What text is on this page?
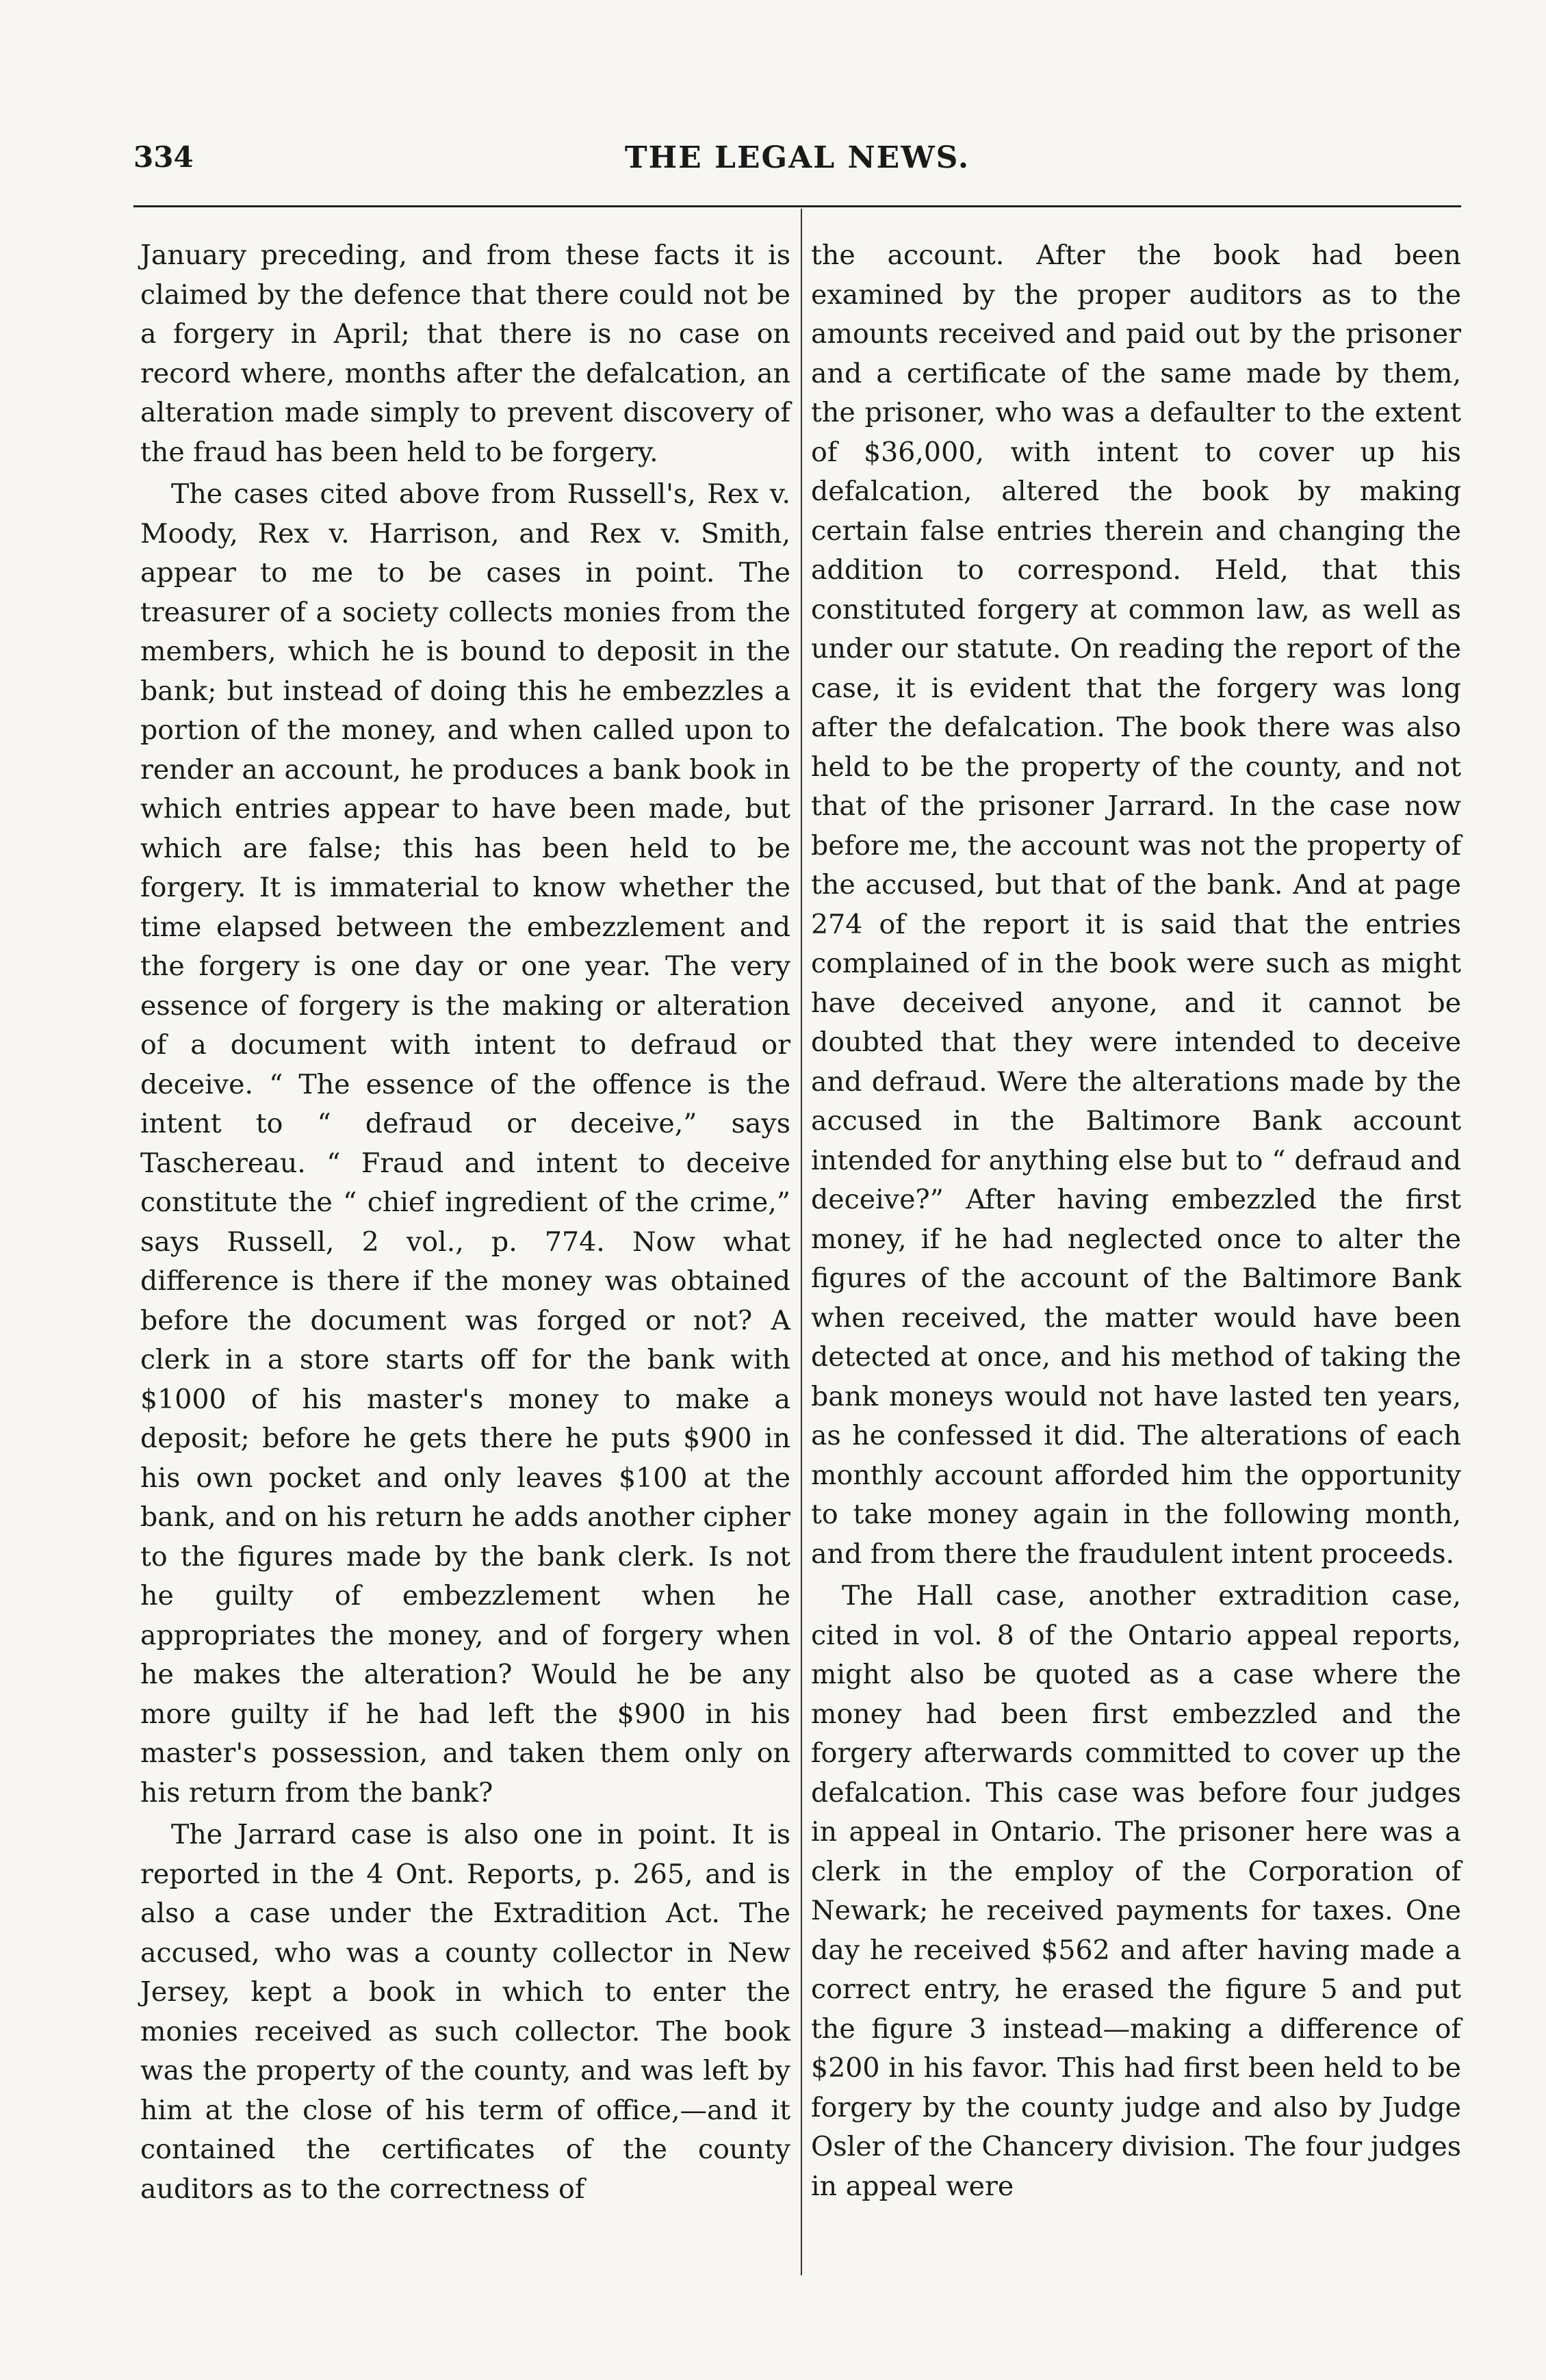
334	THE LEGAL NEWS.

January preceding, and from these facts it is claimed by the defence that there could not be a forgery in April; that there is no case on record where, months after the defalcation, an alteration made simply to prevent discovery of the fraud has been held to be forgery.

The cases cited above from Russell's, Rex v. Moody, Rex v. Harrison, and Rex v. Smith, appear to me to be cases in point. The treasurer of a society collects monies from the members, which he is bound to deposit in the bank; but instead of doing this he embezzles a portion of the money, and when called upon to render an account, he produces a bank book in which entries appear to have been made, but which are false; this has been held to be forgery. It is immaterial to know whether the time elapsed between the embezzlement and the forgery is one day or one year. The very essence of forgery is the making or alteration of a document with intent to defraud or deceive. “ The essence of the offence is the intent to “ defraud or deceive,” says Taschereau. “ Fraud and intent to deceive constitute the “ chief ingredient of the crime,” says Russell, 2 vol., p. 774. Now what difference is there if the money was obtained before the document was forged or not? A clerk in a store starts off for the bank with $1000 of his master's money to make a deposit; before he gets there he puts $900 in his own pocket and only leaves $100 at the bank, and on his return he adds another cipher to the figures made by the bank clerk. Is not he guilty of embezzlement when he appropriates the money, and of forgery when he makes the alteration? Would he be any more guilty if he had left the $900 in his master's possession, and taken them only on his return from the bank?

The Jarrard case is also one in point. It is reported in the 4 Ont. Reports, p. 265, and is also a case under the Extradition Act. The accused, who was a county collector in New Jersey, kept a book in which to enter the monies received as such collector. The book was the property of the county, and was left by him at the close of his term of office,—and it contained the certificates of the county auditors as to the correctness of

the account. After the book had been examined by the proper auditors as to the amounts received and paid out by the prisoner and a certificate of the same made by them, the prisoner, who was a defaulter to the extent of $36,000, with intent to cover up his defalcation, altered the book by making certain false entries therein and changing the addition to correspond. Held, that this constituted forgery at common law, as well as under our statute. On reading the report of the case, it is evident that the forgery was long after the defalcation. The book there was also held to be the property of the county, and not that of the prisoner Jarrard. In the case now before me, the account was not the property of the accused, but that of the bank. And at page 274 of the report it is said that the entries complained of in the book were such as might have deceived anyone, and it cannot be doubted that they were intended to deceive and defraud. Were the alterations made by the accused in the Baltimore Bank account intended for anything else but to “ defraud and deceive?” After having embezzled the first money, if he had neglected once to alter the figures of the account of the Baltimore Bank when received, the matter would have been detected at once, and his method of taking the bank moneys would not have lasted ten years, as he confessed it did. The alterations of each monthly account afforded him the opportunity to take money again in the following month, and from there the fraudulent intent proceeds.

The Hall case, another extradition case, cited in vol. 8 of the Ontario appeal reports, might also be quoted as a case where the money had been first embezzled and the forgery afterwards committed to cover up the defalcation. This case was before four judges in appeal in Ontario. The prisoner here was a clerk in the employ of the Corporation of Newark; he received payments for taxes. One day he received $562 and after having made a correct entry, he erased the figure 5 and put the figure 3 instead—making a difference of $200 in his favor. This had first been held to be forgery by the county judge and also by Judge Osler of the Chancery division. The four judges in appeal were
